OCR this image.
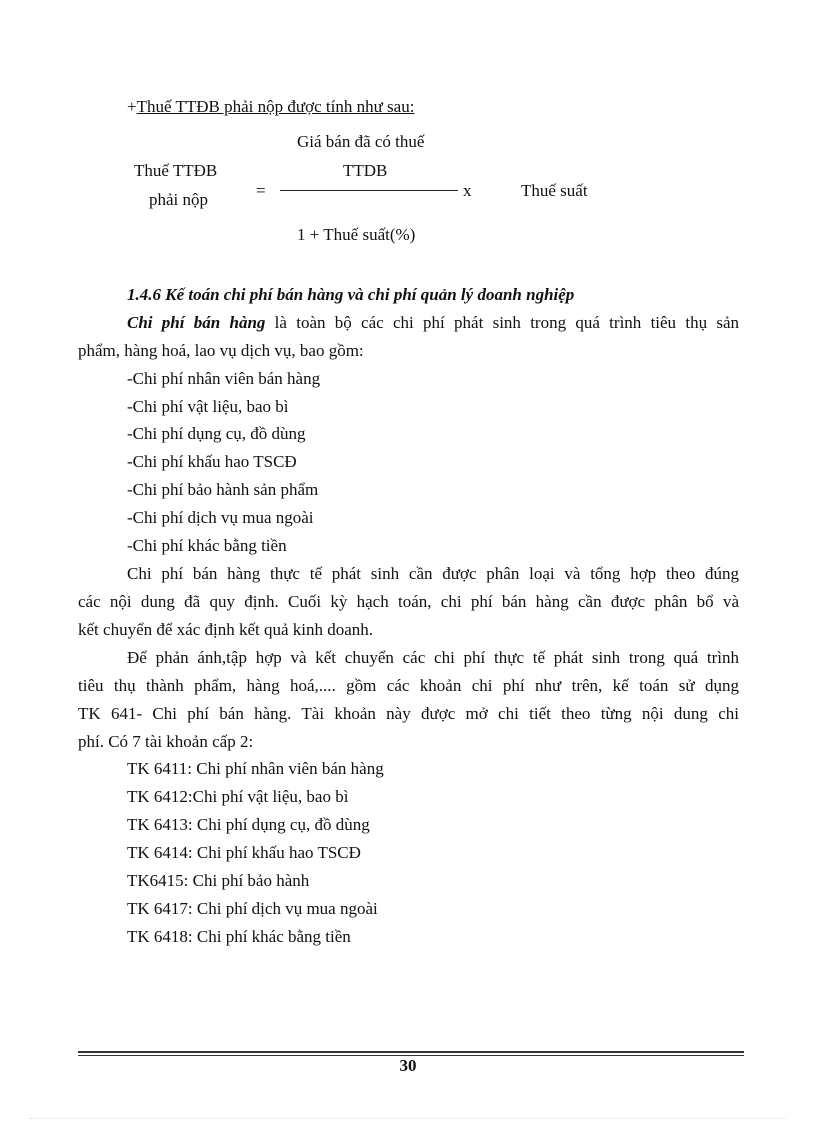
+Thuế TTĐB phải nộp được tính như sau:
Thuế TTĐB
phải nộp	=
Giá bán đã có thuế
TTDB
x	Thuế suất
1 + Thuế suất(%)
1.4.6 Kế toán chi phí bán hàng và chi phí quản lý doanh nghiệp
Chi phí bán hàng là toàn bộ các chi phí phát sinh trong quá trình tiêu thụ sản
phẩm, hàng hoá, lao vụ dịch vụ, bao gồm:
-Chi phí nhân viên bán hàng
-Chi phí vật liệu, bao bì
-Chi phí dụng cụ, đồ dùng
-Chi phí khấu hao TSCĐ
-Chi phí bảo hành sản phẩm
-Chi phí dịch vụ mua ngoài
-Chi phí khác bằng tiền
Chi phí bán hàng thực tế phát sinh cần được phân loại và tổng hợp theo đúng
các nội dung đã quy định. Cuối kỳ hạch toán, chi phí bán hàng cần được phân bổ và
kết chuyển để xác định kết quả kinh doanh.
Để phản ánh,tập hợp và kết chuyển các chi phí thực tế phát sinh trong quá trình
tiêu thụ thành phẩm, hàng hoá,.... gồm các khoản chi phí như trên, kế toán sử dụng
TK 641- Chi phí bán hàng. Tài khoản này được mở chi tiết theo từng nội dung chi
phí. Có 7 tài khoản cấp 2:
TK 6411: Chi phí nhân viên bán hàng
TK 6412:Chi phí vật liệu, bao bì
TK 6413: Chi phí dụng cụ, đồ dùng
TK 6414: Chi phí khấu hao TSCĐ
TK6415: Chi phí bảo hành
TK 6417: Chi phí dịch vụ mua ngoài
TK 6418: Chi phí khác bằng tiền
30
